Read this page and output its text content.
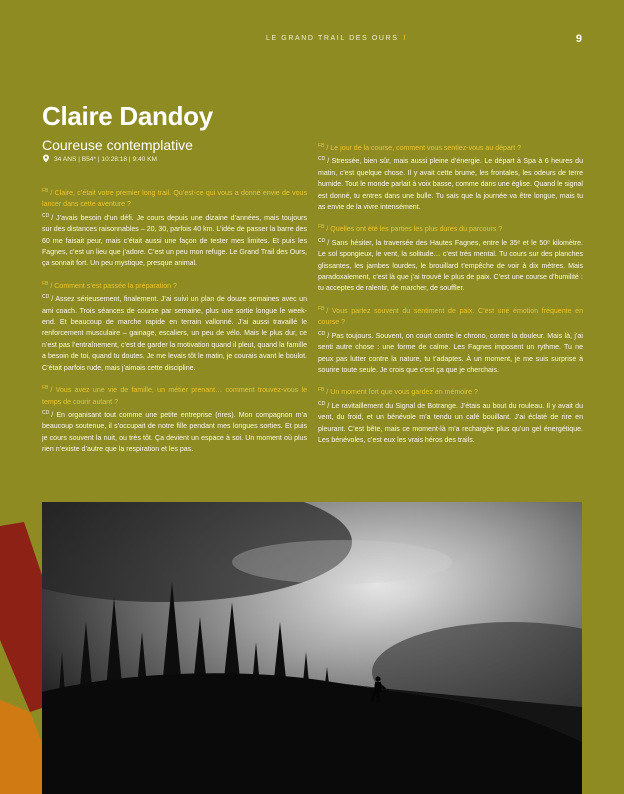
LE GRAND TRAIL DES OURS /	9
Claire Dandoy
Coureuse contemplative
34 ANS | B54* | 10:28:18 | 9:40 KM

$^{FB}$ / Claire, c’était votre premier long trail. Qu’est-ce qui vous a donné envie de vous lancer dans cette aventure ?

$^{CD}$ / J’avais besoin d’un défi. Je cours depuis une dizaine d’années, mais toujours sur des distances raisonnables – 20, 30, parfois 40 km. L’idée de passer la barre des 60 me faisait peur, mais c’était aussi une façon de tester mes limites. Et puis les Fagnes, c’est un lieu que j’adore. C’est un peu mon refuge. Le Grand Trail des Ours, ça sonnait fort. Un peu mystique, presque animal.

$^{FB}$ / Comment s’est passée la préparation ?

$^{CD}$ / Assez sérieusement, finalement. J’ai suivi un plan de douze semaines avec un ami coach. Trois séances de course par semaine, plus une sortie longue le week-end. Et beaucoup de marche rapide en terrain vallonné. J’ai aussi travaillé le renforcement musculaire – gainage, escaliers, un peu de vélo. Mais le plus dur, ce n’est pas l’entraînement, c’est de garder la motivation quand il pleut, quand la famille a besoin de toi, quand tu doutes. Je me levais tôt le matin, je courais avant le boulot. C’était parfois rude, mais j’aimais cette discipline.

$^{FB}$ / Vous avez une vie de famille, un métier prenant… comment trouvez-vous le temps de courir autant ?

$^{CD}$ / En organisant tout comme une petite entreprise (rires). Mon compagnon m’a beaucoup soutenue, il s’occupait de notre fille pendant mes longues sorties. Et puis je cours souvent la nuit, ou très tôt. Ça devient un espace à soi. Un moment où plus rien n’existe d’autre que la respiration et les pas.

$^{FB}$ / Le jour de la course, comment vous sentiez-vous au départ ?

$^{CD}$ / Stressée, bien sûr, mais aussi pleine d’énergie. Le départ à Spa à 6 heures du matin, c’est quelque chose. Il y avait cette brume, les frontales, les odeurs de terre humide. Tout le monde parlait à voix basse, comme dans une église. Quand le signal est donné, tu entres dans une bulle. Tu sais que la journée va être longue, mais tu as envie de la vivre intensément.

$^{FB}$ / Quelles ont été les parties les plus dures du parcours ?

$^{CD}$ / Sans hésiter, la traversée des Hautes Fagnes, entre le 35ᵉ et le 50ᵉ kilomètre. Le sol spongieux, le vent, la solitude… c’est très mental. Tu cours sur des planches glissantes, les jambes lourdes, le brouillard t’empêche de voir à dix mètres. Mais paradoxalement, c’est là que j’ai trouvé le plus de paix. C’est une course d’humilité : tu acceptes de ralentir, de marcher, de souffler.

$^{FB}$ / Vous parlez souvent du sentiment de paix. C’est une émotion fréquente en course ?

$^{CD}$ / Pas toujours. Souvent, on court contre le chrono, contre la douleur. Mais là, j’ai senti autre chose : une forme de calme. Les Fagnes imposent un rythme. Tu ne peux pas lutter contre la nature, tu t’adaptes. À un moment, je me suis surprise à sourire toute seule. Je crois que c’est ça que je cherchais.

$^{FB}$ / Un moment fort que vous gardez en mémoire ?

$^{CD}$ / Le ravitaillement du Signal de Botrange. J’étais au bout du rouleau. Il y avait du vent, du froid, et un bénévole m’a tendu un café bouillant. J’ai éclaté de rire en pleurant. C’est bête, mais ce moment-là m’a rechargée plus qu’un gel énergétique. Les bénévoles, c’est eux les vrais héros des trails.
